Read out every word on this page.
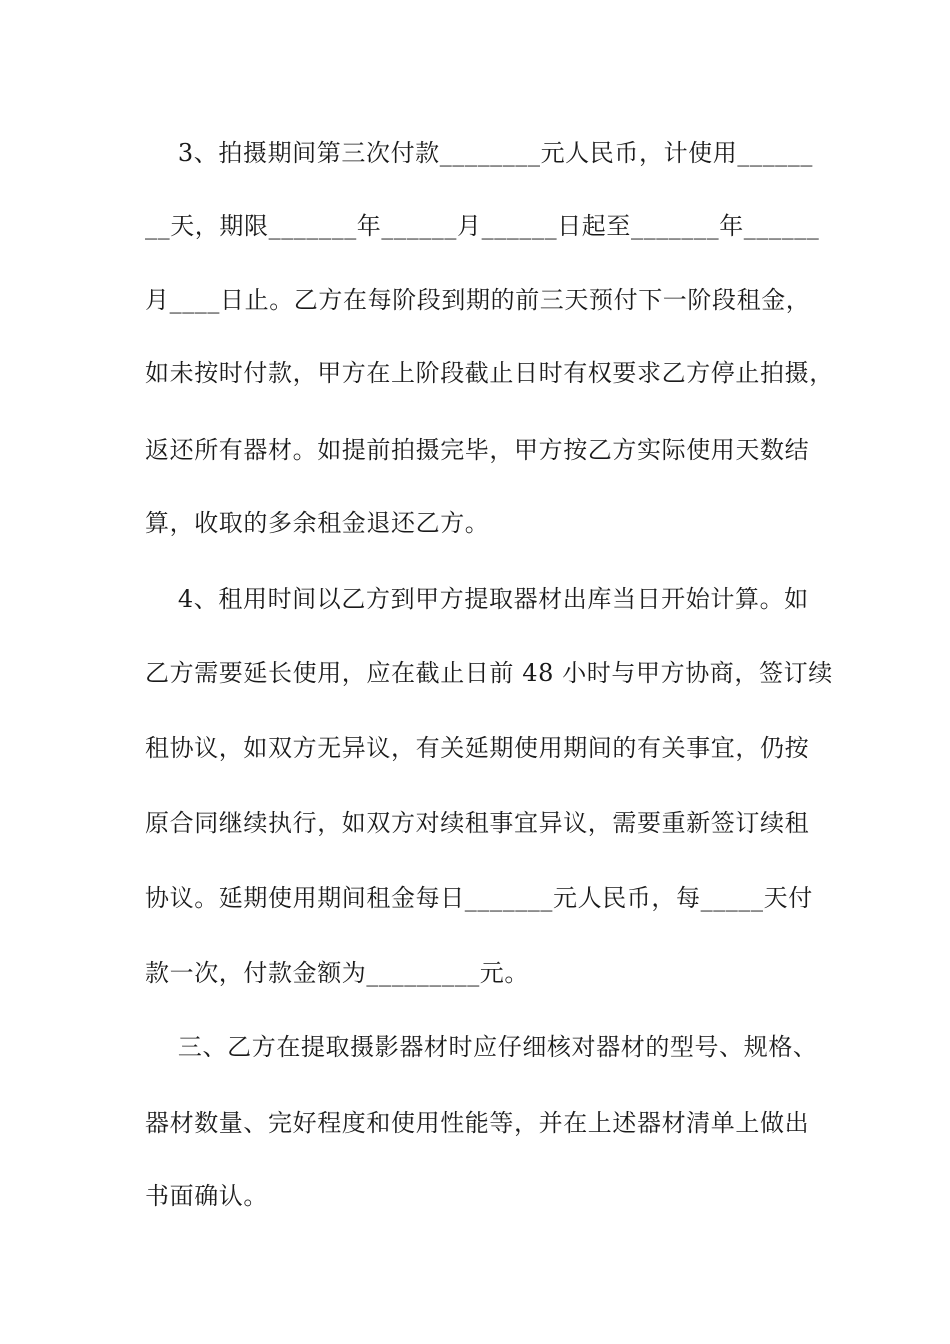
3、拍摄期间第三次付款________元人民币，计使用______
__天，期限_______年______月______日起至_______年______
月____日止。乙方在每阶段到期的前三天预付下一阶段租金，
如未按时付款，甲方在上阶段截止日时有权要求乙方停止拍摄，
返还所有器材。如提前拍摄完毕，甲方按乙方实际使用天数结
算，收取的多余租金退还乙方。
4、租用时间以乙方到甲方提取器材出库当日开始计算。如
乙方需要延长使用，应在截止日前 48 小时与甲方协商，签订续
租协议，如双方无异议，有关延期使用期间的有关事宜，仍按
原合同继续执行，如双方对续租事宜异议，需要重新签订续租
协议。延期使用期间租金每日_______元人民币，每_____天付
款一次，付款金额为_________元。
三、乙方在提取摄影器材时应仔细核对器材的型号、规格、
器材数量、完好程度和使用性能等，并在上述器材清单上做出
书面确认。
